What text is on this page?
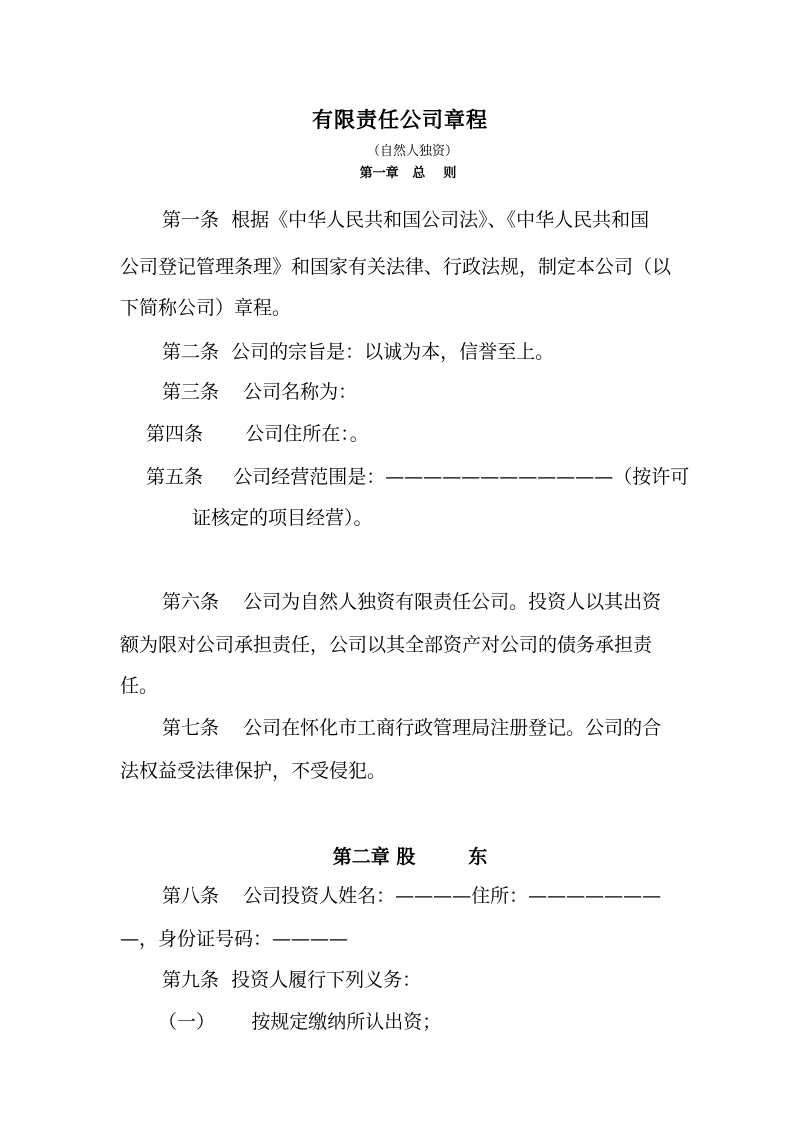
有限责任公司章程
（自然人独资）
第一章   总    则
第一条  根据《中华人民共和国公司法》、《中华人民共和国
公司登记管理条理》和国家有关法律、行政法规，制定本公司（以
下简称公司）章程。
第二条  公司的宗旨是：以诚为本，信誉至上。
第三条    公司名称为：
第四条       公司住所在：。
第五条     公司经营范围是：————————————（按许可
证核定的项目经营）。
第六条    公司为自然人独资有限责任公司。投资人以其出资
额为限对公司承担责任，公司以其全部资产对公司的债务承担责
任。
第七条    公司在怀化市工商行政管理局注册登记。公司的合
法权益受法律保护，不受侵犯。
第二章 股        东
第八条    公司投资人姓名：————住所：———————
—，身份证号码：————
第九条  投资人履行下列义务：
（一）      按规定缴纳所认出资；
